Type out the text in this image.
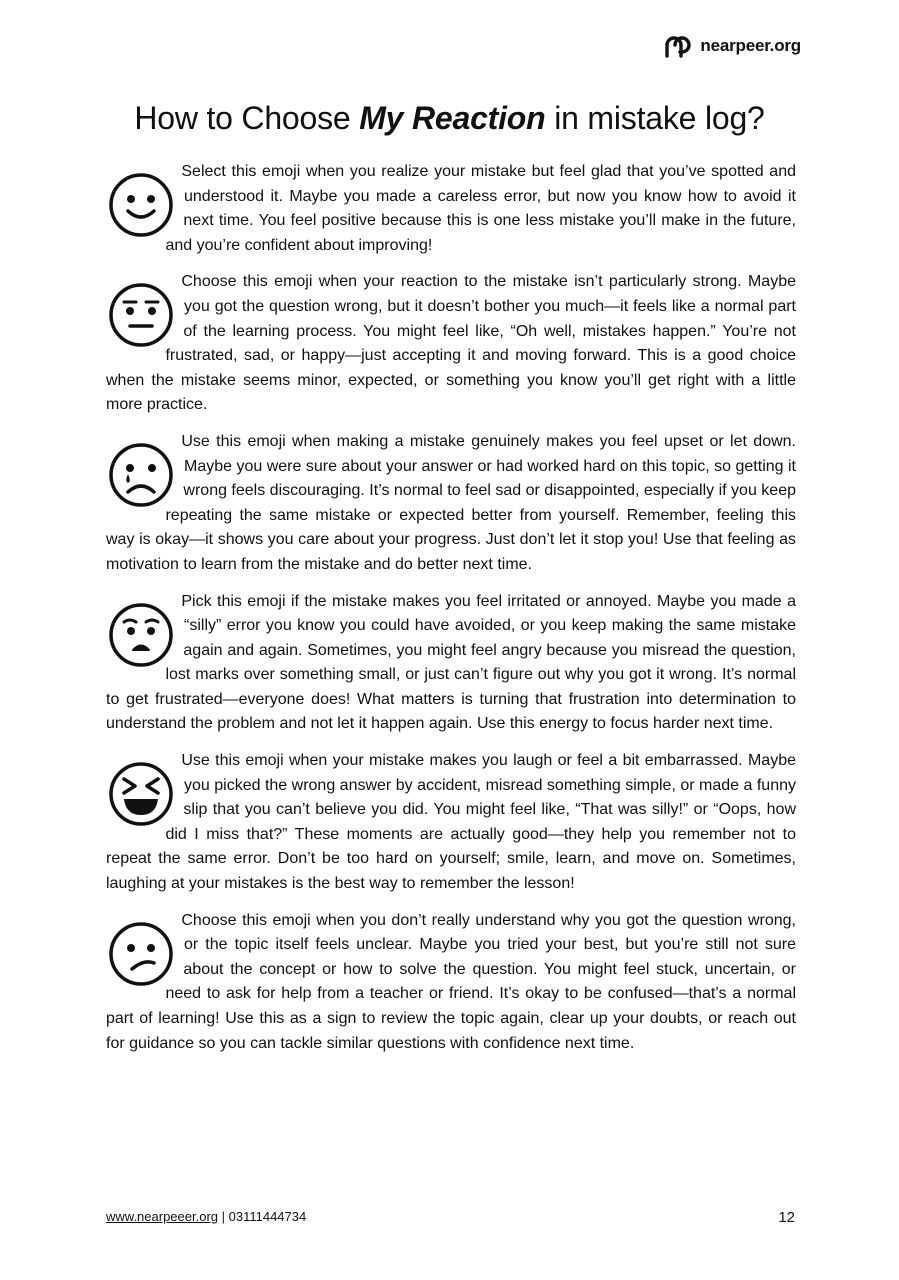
nearpeer.org
How to Choose My Reaction in mistake log?
Select this emoji when you realize your mistake but feel glad that you’ve spotted and understood it. Maybe you made a careless error, but now you know how to avoid it next time. You feel positive because this is one less mistake you’ll make in the future, and you’re confident about improving!
Choose this emoji when your reaction to the mistake isn’t particularly strong. Maybe you got the question wrong, but it doesn’t bother you much—it feels like a normal part of the learning process. You might feel like, “Oh well, mistakes happen.” You’re not frustrated, sad, or happy—just accepting it and moving forward. This is a good choice when the mistake seems minor, expected, or something you know you’ll get right with a little more practice.
Use this emoji when making a mistake genuinely makes you feel upset or let down. Maybe you were sure about your answer or had worked hard on this topic, so getting it wrong feels discouraging. It’s normal to feel sad or disappointed, especially if you keep repeating the same mistake or expected better from yourself. Remember, feeling this way is okay—it shows you care about your progress. Just don’t let it stop you! Use that feeling as motivation to learn from the mistake and do better next time.
Pick this emoji if the mistake makes you feel irritated or annoyed. Maybe you made a “silly” error you know you could have avoided, or you keep making the same mistake again and again. Sometimes, you might feel angry because you misread the question, lost marks over something small, or just can’t figure out why you got it wrong. It’s normal to get frustrated—everyone does! What matters is turning that frustration into determination to understand the problem and not let it happen again. Use this energy to focus harder next time.
Use this emoji when your mistake makes you laugh or feel a bit embarrassed. Maybe you picked the wrong answer by accident, misread something simple, or made a funny slip that you can’t believe you did. You might feel like, “That was silly!” or “Oops, how did I miss that?” These moments are actually good—they help you remember not to repeat the same error. Don’t be too hard on yourself; smile, learn, and move on. Sometimes, laughing at your mistakes is the best way to remember the lesson!
Choose this emoji when you don’t really understand why you got the question wrong, or the topic itself feels unclear. Maybe you tried your best, but you’re still not sure about the concept or how to solve the question. You might feel stuck, uncertain, or need to ask for help from a teacher or friend. It’s okay to be confused—that’s a normal part of learning! Use this as a sign to review the topic again, clear up your doubts, or reach out for guidance so you can tackle similar questions with confidence next time.
www.nearpeeer.org | 03111444734	12
